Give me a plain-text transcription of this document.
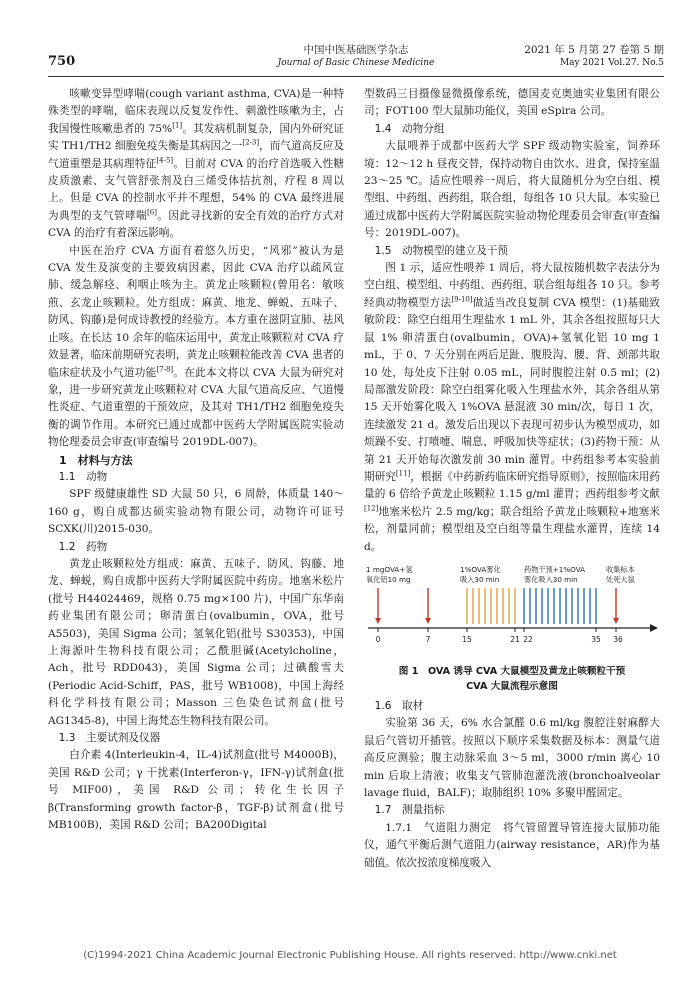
750
中国中医基础医学杂志
Journal of Basic Chinese Medicine
2021 年 5 月第 27 卷第 5 期
May 2021 Vol.27. No.5

咳嗽变异型哮喘(cough variant asthma, CVA)是一种特殊类型的哮喘，临床表现以反复发作性、刺激性咳嗽为主，占我国慢性咳嗽患者的 75%[1]。其发病机制复杂，国内外研究证实 TH1/TH2 细胞免疫失衡是其病因之一[2-3]，而气道高反应及气道重塑是其病理特征[4-5]。目前对 CVA 的治疗首选吸入性糖皮质激素、支气管舒张剂及白三烯受体拮抗剂，疗程 8 周以上。但是 CVA 的控制水平并不理想，54% 的 CVA 最终进展为典型的支气管哮喘[6]。因此寻找新的安全有效的治疗方式对 CVA 的治疗有着深远影响。

中医在治疗 CVA 方面有着悠久历史，“风邪”被认为是 CVA 发生及演变的主要致病因素，因此 CVA 治疗以疏风宣肺、缓急解痉、利咽止咳为主。黄龙止咳颗粒(曾用名：敏咳煎、玄龙止咳颗粒。处方组成：麻黄、地龙、蝉蜕、五味子、防风、钩藤)是何成诗教授的经验方。本方重在滋阴宣肺、祛风止咳。在长达 10 余年的临床运用中，黄龙止咳颗粒对 CVA 疗效显著，临床前期研究表明，黄龙止咳颗粒能改善 CVA 患者的临床症状及小气道功能[7-8]。在此本文将以 CVA 大鼠为研究对象，进一步研究黄龙止咳颗粒对 CVA 大鼠气道高反应、气道慢性炎症、气道重塑的干预效应，及其对 TH1/TH2 细胞免疫失衡的调节作用。本研究已通过成都中医药大学附属医院实验动物伦理委员会审查(审查编号 2019DL-007)。

1　材料与方法
1.1　动物

SPF 级健康雄性 SD 大鼠 50 只，6 周龄，体质量 140～160 g，购自成都达硕实验动物有限公司，动物许可证号 SCXK(川)2015-030。

1.2　药物

黄龙止咳颗粒处方组成：麻黄、五味子、防风、钩藤、地龙、蝉蜕，购自成都中医药大学附属医院中药房。地塞米松片(批号 H44024469，规格 0.75 mg×100 片)，中国广东华南药业集团有限公司；卵清蛋白(ovalbumin，OVA，批号 A5503)，美国 Sigma 公司；氢氧化铝(批号 S30353)，中国上海源叶生物科技有限公司；乙酰胆碱(Acetylcholine，Ach，批号 RDD043)，美国 Sigma 公司；过碘酸雪夫(Periodic Acid-Schiff，PAS，批号 WB1008)，中国上海经科化学科技有限公司；Masson 三色染色试剂盒(批号 AG1345-8)，中国上海梵态生物科技有限公司。

1.3　主要试剂及仪器

白介素 4(Interleukin-4，IL-4)试剂盒(批号 M4000B)，美国 R&D 公司；γ 干扰素(Interferon-γ，IFN-γ)试剂盒(批号 MIF00)，美国 R&D 公司；转化生长因子 β(Transforming growth factor-β，TGF-β)试剂盒(批号 MB100B)，美国 R&D 公司；BA200Digital

型数码三目摄像显微摄像系统，德国麦克奥迪实业集团有限公司；FOT100 型大鼠肺功能仪，美国 eSpira 公司。

1.4　动物分组

大鼠喂养于成都中医药大学 SPF 级动物实验室，饲养环境：12～12 h 昼夜交替，保持动物自由饮水、进食，保持室温 23～25 ℃。适应性喂养一周后，将大鼠随机分为空白组、模型组、中药组、西药组，联合组，每组各 10 只大鼠。本实验已通过成都中医药大学附属医院实验动物伦理委员会审查(审查编号：2019DL-007)。

1.5　动物模型的建立及干预

图 1 示，适应性喂养 1 周后，将大鼠按随机数字表法分为空白组、模型组、中药组、西药组、联合组每组各 10 只。参考经典动物模型方法[9-10]做适当改良复制 CVA 模型：(1)基础致敏阶段：除空白组用生理盐水 1 mL 外，其余各组按照每只大鼠 1% 卵清蛋白(ovalbumin，OVA)+氢氧化铝 10 mg 1 mL，于 0、7 天分别在两后足趾、腹股沟、腰、背、颈部共取 10 处，每处皮下注射 0.05 mL，同时腹腔注射 0.5 ml；(2)局部激发阶段：除空白组雾化吸入生理盐水外，其余各组从第 15 天开始雾化吸入 1%OVA 悬混液 30 min/次，每日 1 次，连续激发 21 d。激发后出现以下表现可初步认为模型成功，如烦躁不安、打喷嚏、喘息、呼吸加快等症状；(3)药物干预：从第 21 天开始每次激发前 30 min 灌胃。中药组参考本实验前期研究[11]，根据《中药新药临床研究指导原则》，按照临床用药量的 6 倍给予黄龙止咳颗粒 1.15 g/ml 灌胃；西药组参考文献[12]地塞米松片 2.5 mg/kg；联合组给予黄龙止咳颗粒+地塞米松，剂量同前；模型组及空白组等量生理盐水灌胃，连续 14 d。

1 mgOVA+氢
氧化铝10 mg
1%OVA雾化
吸入30 min
药物干预+1%OVA
雾化吸入30 min
收集标本
处死大鼠
0	7	15	21 22	35 36
图 1　OVA 诱导 CVA 大鼠模型及黄龙止咳颗粒干预
CVA 大鼠流程示意图
1.6　取材

实验第 36 天，6% 水合氯醛 0.6 ml/kg 腹腔注射麻醉大鼠后气管切开插管。按照以下顺序采集数据及标本：测量气道高反应测验；腹主动脉采血 3～5 ml，3000 r/min 离心 10 min 后取上清液；收集支气管肺泡灌洗液(bronchoalveolar lavage fluid，BALF)；取肺组织 10% 多聚甲醛固定。

1.7　测量指标

1.7.1　气道阻力测定　将气管留置导管连接大鼠肺功能仪，通气平衡后测气道阻力(airway resistance，AR)作为基础值。依次按浓度梯度吸入

(C)1994-2021 China Academic Journal Electronic Publishing House. All rights reserved. http://www.cnki.net
